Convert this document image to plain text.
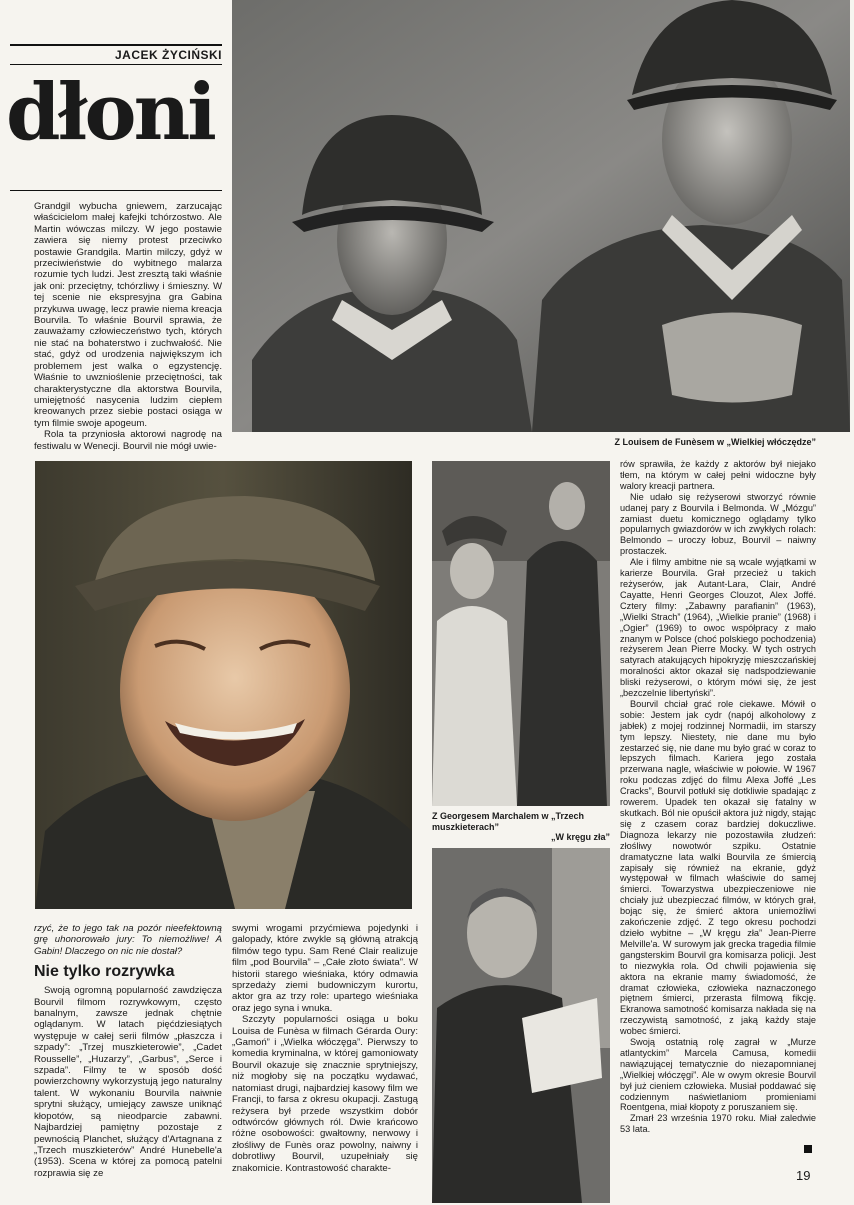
JACEK ŻYCIŃSKI
dłoni
Z Louisem de Funèsem w „Wielkiej włóczędze”

Grandgil wybucha gniewem, zarzucając właścicielom małej kafejki tchórzostwo. Ale Martin wówczas milczy. W jego postawie zawiera się niemy protest przeciwko postawie Grandgila. Martin milczy, gdyż w przeciwieństwie do wybitnego malarza rozumie tych ludzi. Jest zresztą taki właśnie jak oni: przeciętny, tchórzliwy i śmieszny. W tej scenie nie ekspresyjna gra Gabina przykuwa uwagę, lecz prawie niema kreacja Bourvila. To właśnie Bourvil sprawia, że zauważamy człowieczeństwo tych, których nie stać na bohaterstwo i zuchwałość. Nie stać, gdyż od urodzenia największym ich problemem jest walka o egzystencję. Właśnie to uwznioślenie przeciętności, tak charakterystyczne dla aktorstwa Bourvila, umiejętność nasycenia ludzim ciepłem kreowanych przez siebie postaci osiąga w tym filmie swoje apogeum.

Rola ta przyniosła aktorowi nagrodę na festiwalu w Wenecji. Bourvil nie mógł uwie-

Z Georgesem Marchalem w „Trzech muszkieterach”
„W kręgu zła”

rzyć, że to jego tak na pozór nieefektowną grę uhonorowało jury: To niemożliwe! A Gabin! Dlaczego on nic nie dostał?

Nie tylko rozrywka

Swoją ogromną popularność zawdzięcza Bourvil filmom rozrywkowym, często banalnym, zawsze jednak chętnie oglądanym. W latach pięćdziesiątych występuje w całej serii filmów „płaszcza i szpady”: „Trzej muszkieterowie”, „Cadet Rousselle”, „Huzarzy”, „Garbus”, „Serce i szpada”. Filmy te w sposób dość powierzchowny wykorzystują jego naturalny talent. W wykonaniu Bourvila naiwnie sprytni służący, umiejący zawsze uniknąć kłopotów, są nieodparcie zabawni. Najbardziej pamiętny pozostaje z pewnością Planchet, służący d'Artagnana z „Trzech muszkieterów” André Hunebelle'a (1953). Scena w której za pomocą patelni rozprawia się ze

swymi wrogami przyćmiewa pojedynki i galopady, które zwykle są główną atrakcją filmów tego typu. Sam René Clair realizuje film „pod Bourvila” – „Całe złoto świata”. W historii starego wieśniaka, który odmawia sprzedaży ziemi budowniczym kurortu, aktor gra az trzy role: upartego wieśniaka oraz jego syna i wnuka.

Szczyty popularności osiąga u boku Louisa de Funèsa w filmach Gérarda Oury: „Gamoń” i „Wielka włóczęga”. Pierwszy to komedia kryminalna, w której gamoniowaty Bourvil okazuje się znacznie sprytniejszy, niż mogłoby się na początku wydawać, natomiast drugi, najbardziej kasowy film we Francji, to farsa z okresu okupacji. Zastugą reżysera był przede wszystkim dobór odtwórców głównych ról. Dwie krańcowo różne osobowości: gwałtowny, nerwowy i złośliwy de Funès oraz powolny, naiwny i dobrotliwy Bourvil, uzupełniały się znakomicie. Kontrastowość charakte-

rów sprawiła, że każdy z aktorów był niejako tłem, na którym w całej pełni widoczne były walory kreacji partnera.

Nie udało się reżyserowi stworzyć równie udanej pary z Bourvila i Belmonda. W „Mózgu” zamiast duetu komicznego oglądamy tylko popularnych gwiazdorów w ich zwykłych rolach: Belmondo – uroczy łobuz, Bourvil – naiwny prostaczek.

Ale i filmy ambitne nie są wcale wyjątkami w karierze Bourvila. Grał przecież u takich reżyserów, jak Autant-Lara, Clair, André Cayatte, Henri Georges Clouzot, Alex Joffé. Cztery filmy: „Zabawny parafianin” (1963), „Wielki Strach” (1964), „Wielkie pranie” (1968) i „Ogier” (1969) to owoc współpracy z mało znanym w Polsce (choć polskiego pochodzenia) reżyserem Jean Pierre Mocky. W tych ostrych satyrach atakujących hipokryzję mieszczańskiej moralności aktor okazał się nadspodziewanie bliski reżyserowi, o którym mówi się, że jest „bezczelnie libertyński”.

Bourvil chciał grać role ciekawe. Mówił o sobie: Jestem jak cydr (napój alkoholowy z jabłek) z mojej rodzinnej Normadii, im starszy tym lepszy. Niestety, nie dane mu było zestarzeć się, nie dane mu było grać w coraz to lepszych filmach. Kariera jego została przerwana nagle, właściwie w połowie. W 1967 roku podczas zdjęć do filmu Alexa Joffé „Les Cracks”, Bourvil potłukł się dotkliwie spadając z rowerem. Upadek ten okazał się fatalny w skutkach. Ból nie opuścił aktora już nigdy, stając się z czasem coraz bardziej dokuczliwe. Diagnoza lekarzy nie pozostawiła złudzeń: złośliwy nowotwór szpiku. Ostatnie dramatyczne lata walki Bourvila ze śmiercią zapisały się również na ekranie, gdyż występował w filmach właściwie do samej śmierci. Towarzystwa ubezpieczeniowe nie chciały już ubezpieczać filmów, w których grał, bojąc się, że śmierć aktora uniemożliwi zakończenie zdjęć. Z tego okresu pochodzi dzieło wybitne – „W kręgu zła” Jean-Pierre Melville'a. W surowym jak grecka tragedia filmie gangsterskim Bourvil gra komisarza policji. Jest to niezwykła rola. Od chwili pojawienia się aktora na ekranie mamy świadomość, że dramat człowieka, człowieka naznaczonego piętnem śmierci, przerasta filmową fikcję. Ekranowa samotność komisarza nakłada się na rzeczywistą samotność, z jaką każdy staje wobec śmierci.

Swoją ostatnią rolę zagrał w „Murze atlantyckim” Marcela Camusa, komedii nawiązującej tematycznie do niezapomnianej „Wielkiej włóczęgi”. Ale w owym okresie Bourvil był już cieniem człowieka. Musiał poddawać się codziennym naświetlaniom promieniami Roentgena, miał kłopoty z poruszaniem się.

Zmarł 23 września 1970 roku. Miał zaledwie 53 lata.

19
